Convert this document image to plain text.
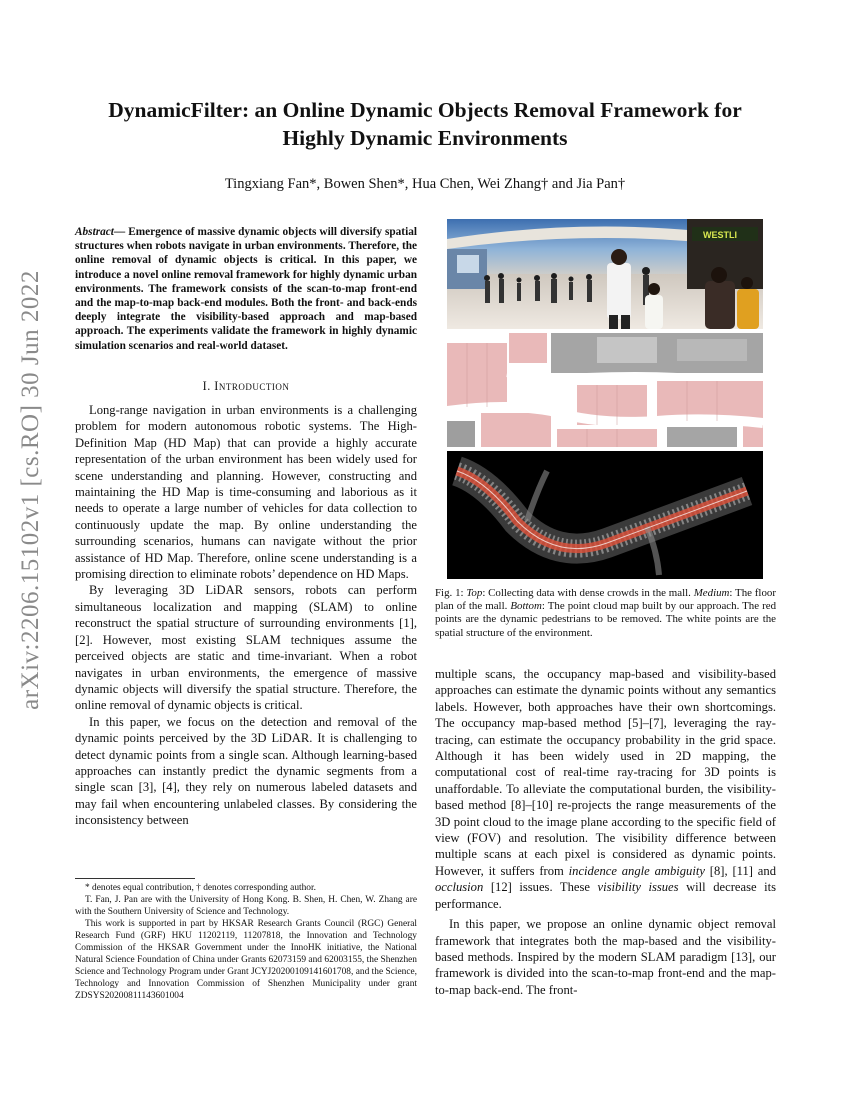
arXiv:2206.15102v1 [cs.RO] 30 Jun 2022
DynamicFilter: an Online Dynamic Objects Removal Framework for
Highly Dynamic Environments
Tingxiang Fan*, Bowen Shen*, Hua Chen, Wei Zhang† and Jia Pan†

Abstract— Emergence of massive dynamic objects will diversify spatial structures when robots navigate in urban environments. Therefore, the online removal of dynamic objects is critical. In this paper, we introduce a novel online removal framework for highly dynamic urban environments. The framework consists of the scan-to-map front-end and the map-to-map back-end modules. Both the front- and back-ends deeply integrate the visibility-based approach and map-based approach. The experiments validate the framework in highly dynamic simulation scenarios and real-world dataset.

I. Introduction

Long-range navigation in urban environments is a challenging problem for modern autonomous robotic systems. The High-Definition Map (HD Map) that can provide a highly accurate representation of the urban environment has been widely used for scene understanding and planning. However, constructing and maintaining the HD Map is time-consuming and laborious as it needs to operate a large number of vehicles for data collection to continuously update the map. By online understanding the surrounding scenarios, humans can navigate without the prior assistance of HD Map. Therefore, online scene understanding is a promising direction to eliminate robots’ dependence on HD Maps.

By leveraging 3D LiDAR sensors, robots can perform simultaneous localization and mapping (SLAM) to online reconstruct the spatial structure of surrounding environments [1], [2]. However, most existing SLAM techniques assume the perceived objects are static and time-invariant. When a robot navigates in urban environments, the emergence of massive dynamic objects will diversify the spatial structure. Therefore, the online removal of dynamic objects is critical.

In this paper, we focus on the detection and removal of the dynamic points perceived by the 3D LiDAR. It is challenging to detect dynamic points from a single scan. Although learning-based approaches can instantly predict the dynamic segments from a single scan [3], [4], they rely on numerous labeled datasets and may fail when encountering unlabeled classes. By considering the inconsistency between

* denotes equal contribution, † denotes corresponding author.

T. Fan, J. Pan are with the University of Hong Kong. B. Shen, H. Chen, W. Zhang are with the Southern University of Science and Technology.

This work is supported in part by HKSAR Research Grants Council (RGC) General Research Fund (GRF) HKU 11202119, 11207818, the Innovation and Technology Commission of the HKSAR Government under the InnoHK initiative, the National Natural Science Foundation of China under Grants 62073159 and 62003155, the Shenzhen Science and Technology Program under Grant JCYJ20200109141601708, and the Science, Technology and Innovation Commission of Shenzhen Municipality under grant ZDSYS20200811143601004

WESTLI
Fig. 1: Top: Collecting data with dense crowds in the mall. Medium: The floor plan of the mall. Bottom: The point cloud map built by our approach. The red points are the dynamic pedestrians to be removed. The white points are the spatial structure of the environment.

multiple scans, the occupancy map-based and visibility-based approaches can estimate the dynamic points without any semantics labels. However, both approaches have their own shortcomings. The occupancy map-based method [5]–[7], leveraging the ray-tracing, can estimate the occupancy probability in the grid space. Although it has been widely used in 2D mapping, the computational cost of real-time ray-tracing for 3D points is unaffordable. To alleviate the computational burden, the visibility-based method [8]–[10] re-projects the range measurements of the 3D point cloud to the image plane according to the specific field of view (FOV) and resolution. The visibility difference between multiple scans at each pixel is considered as dynamic points. However, it suffers from incidence angle ambiguity [8], [11] and occlusion [12] issues. These visibility issues will decrease its performance.

In this paper, we propose an online dynamic object removal framework that integrates both the map-based and the visibility-based methods. Inspired by the modern SLAM paradigm [13], our framework is divided into the scan-to-map front-end and the map-to-map back-end. The front-
